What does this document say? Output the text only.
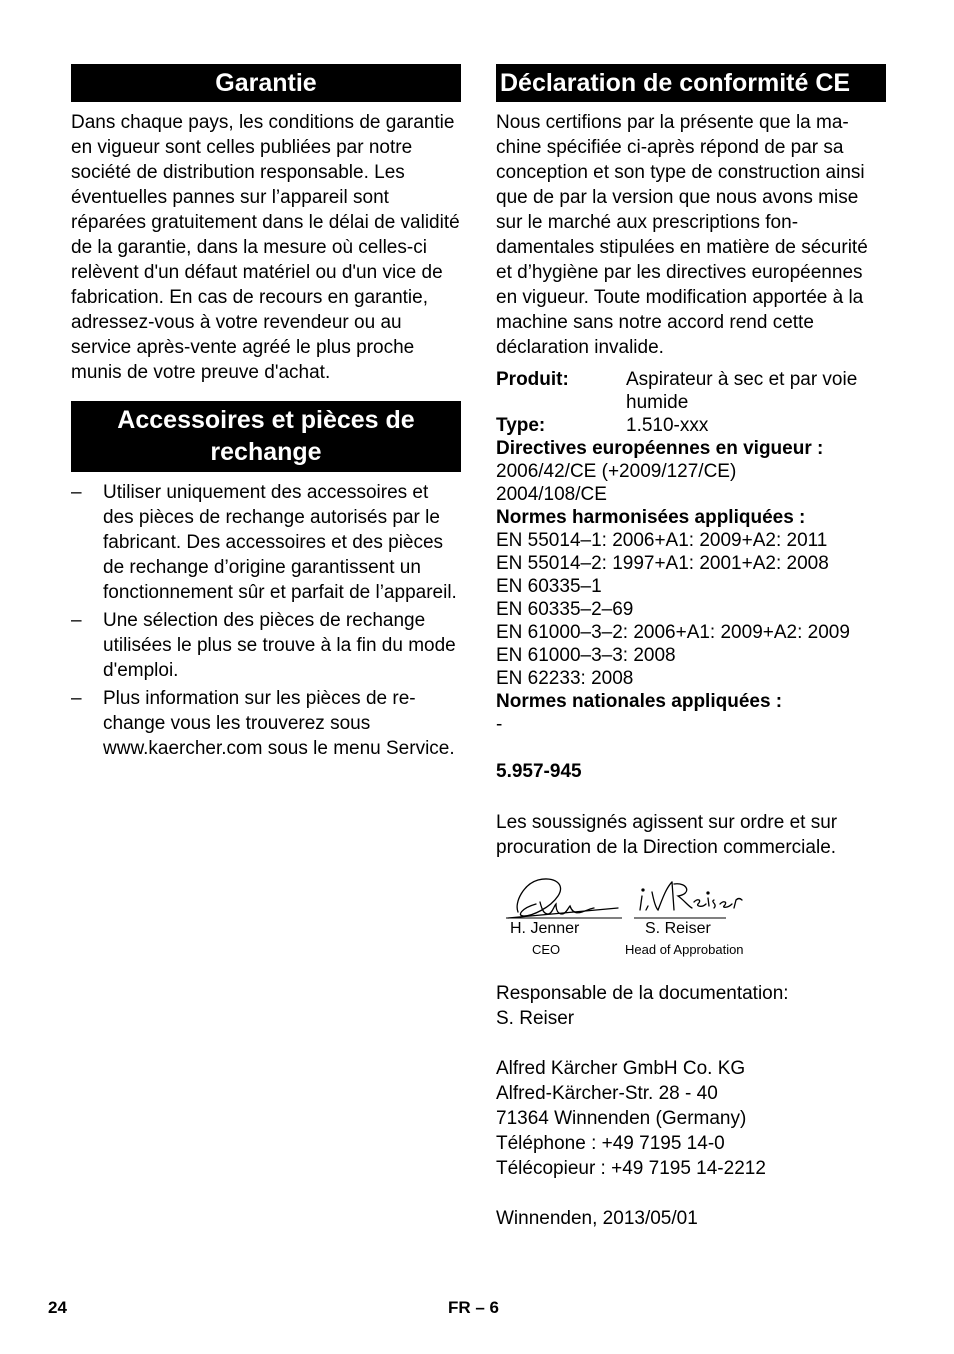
Garantie

Dans chaque pays, les conditions de garantie en vigueur sont celles publiées par notre société de distribution responsable. Les éventuelles pannes sur l’appareil sont réparées gratuitement dans le délai de validité de la garantie, dans la mesure où celles-ci relèvent d'un défaut matériel ou d'un vice de fabrication. En cas de recours en garantie, adressez-vous à votre revendeur ou au service après-vente agréé le plus proche munis de votre preuve d'achat.

Accessoires et pièces de rechange
– Utiliser uniquement des accessoires et des pièces de rechange autorisés par le fabricant. Des accessoires et des pièces de rechange d’origine garantissent un fonctionnement sûr et parfait de l’appareil.
– Une sélection des pièces de rechange utilisées le plus se trouve à la fin du mode d'emploi.
– Plus information sur les pièces de rechange vous les trouverez sous www.kaercher.com sous le menu Service.
Déclaration de conformité CE

Nous certifions par la présente que la machine spécifiée ci-après répond de par sa conception et son type de construction ainsi que de par la version que nous avons mise sur le marché aux prescriptions fondamentales stipulées en matière de sécurité et d’hygiène par les directives européennes en vigueur. Toute modification apportée à la machine sans notre accord rend cette déclaration invalide.

Produit:	Aspirateur à sec et par voie humide
Type:	1.510-xxx
Directives européennes en vigueur :
2006/42/CE (+2009/127/CE)
2004/108/CE
Normes harmonisées appliquées :
EN 55014–1: 2006+A1: 2009+A2: 2011
EN 55014–2: 1997+A1: 2001+A2: 2008
EN 60335–1
EN 60335–2–69
EN 61000–3–2: 2006+A1: 2009+A2: 2009
EN 61000–3–3: 2008
EN 62233: 2008
Normes nationales appliquées :
-
5.957-945

Les soussignés agissent sur ordre et sur procuration de la Direction commerciale.

H. Jenner
CEO
S. Reiser
Head of Approbation

Responsable de la documentation:

S. Reiser

Alfred Kärcher GmbH Co. KG

Alfred-Kärcher-Str. 28 - 40

71364 Winnenden (Germany)

Téléphone : +49 7195 14-0

Télécopieur : +49 7195 14-2212

Winnenden, 2013/05/01

24	FR – 6
